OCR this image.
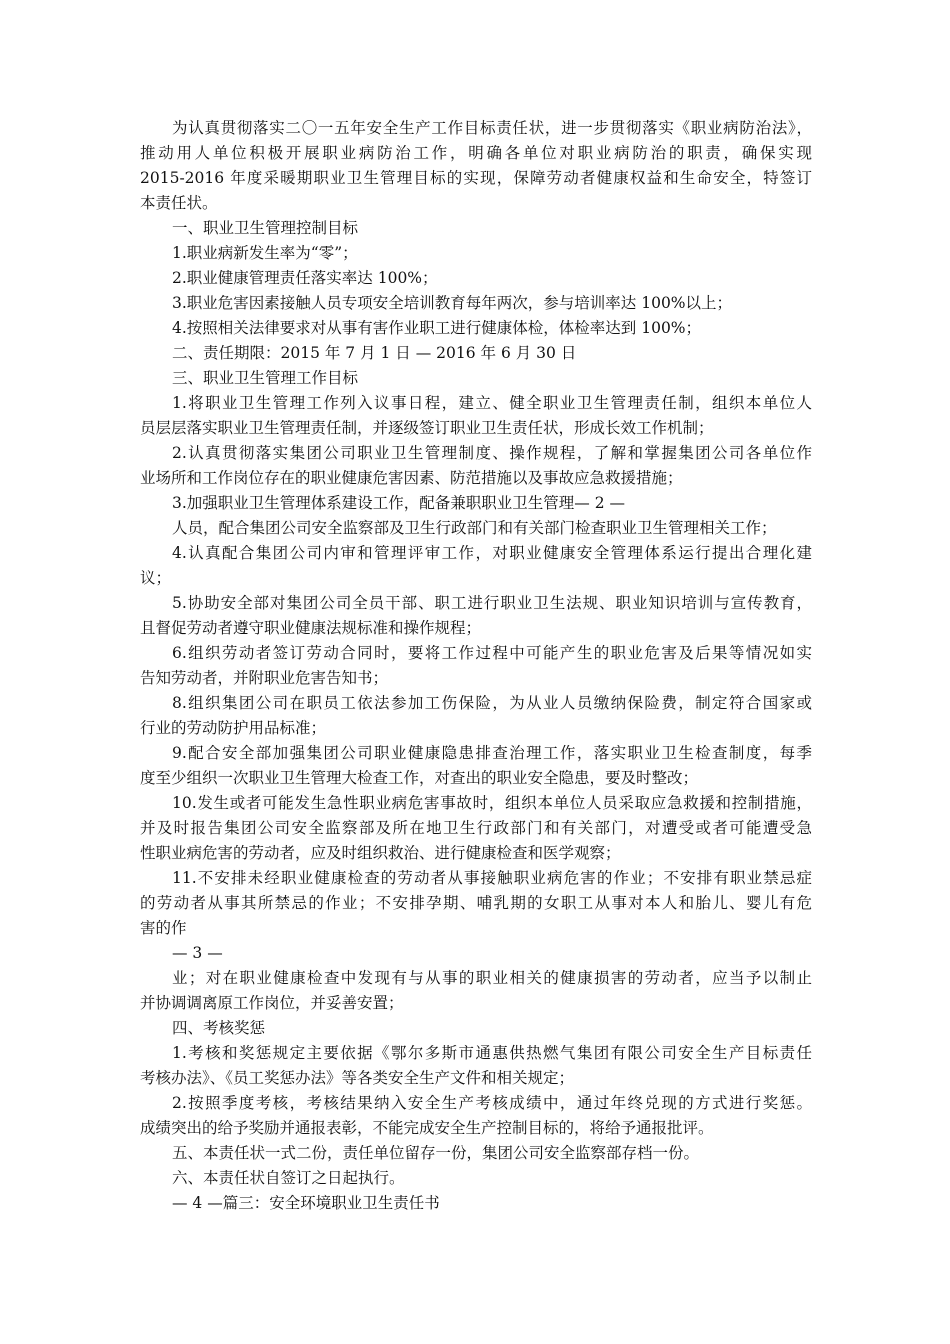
为认真贯彻落实二〇一五年安全生产工作目标责任状，进一步贯彻落实《职业病防治法》，
推动用人单位积极开展职业病防治工作，明确各单位对职业病防治的职责，确保实现
2015-2016 年度采暖期职业卫生管理目标的实现，保障劳动者健康权益和生命安全，特签订
本责任状。
一、职业卫生管理控制目标
1.职业病新发生率为“零”；
2.职业健康管理责任落实率达 100%；
3.职业危害因素接触人员专项安全培训教育每年两次，参与培训率达 100%以上；
4.按照相关法律要求对从事有害作业职工进行健康体检，体检率达到 100%；
二、责任期限：2015 年 7 月 1 日 — 2016 年 6 月 30 日
三、职业卫生管理工作目标
1.将职业卫生管理工作列入议事日程，建立、健全职业卫生管理责任制，组织本单位人
员层层落实职业卫生管理责任制，并逐级签订职业卫生责任状，形成长效工作机制；
2.认真贯彻落实集团公司职业卫生管理制度、操作规程，了解和掌握集团公司各单位作
业场所和工作岗位存在的职业健康危害因素、防范措施以及事故应急救援措施；
3.加强职业卫生管理体系建设工作，配备兼职职业卫生管理— 2 —
人员，配合集团公司安全监察部及卫生行政部门和有关部门检查职业卫生管理相关工作；
4.认真配合集团公司内审和管理评审工作，对职业健康安全管理体系运行提出合理化建
议；
5.协助安全部对集团公司全员干部、职工进行职业卫生法规、职业知识培训与宣传教育，
且督促劳动者遵守职业健康法规标准和操作规程；
6.组织劳动者签订劳动合同时，要将工作过程中可能产生的职业危害及后果等情况如实
告知劳动者，并附职业危害告知书；
8.组织集团公司在职员工依法参加工伤保险，为从业人员缴纳保险费，制定符合国家或
行业的劳动防护用品标准；
9.配合安全部加强集团公司职业健康隐患排查治理工作，落实职业卫生检查制度，每季
度至少组织一次职业卫生管理大检查工作，对查出的职业安全隐患，要及时整改；
10.发生或者可能发生急性职业病危害事故时，组织本单位人员采取应急救援和控制措施，
并及时报告集团公司安全监察部及所在地卫生行政部门和有关部门，对遭受或者可能遭受急
性职业病危害的劳动者，应及时组织救治、进行健康检查和医学观察；
11.不安排未经职业健康检查的劳动者从事接触职业病危害的作业；不安排有职业禁忌症
的劳动者从事其所禁忌的作业；不安排孕期、哺乳期的女职工从事对本人和胎儿、婴儿有危
害的作
— 3 —
业；对在职业健康检查中发现有与从事的职业相关的健康损害的劳动者，应当予以制止
并协调调离原工作岗位，并妥善安置；
四、考核奖惩
1.考核和奖惩规定主要依据《鄂尔多斯市通惠供热燃气集团有限公司安全生产目标责任
考核办法》、《员工奖惩办法》等各类安全生产文件和相关规定；
2.按照季度考核，考核结果纳入安全生产考核成绩中，通过年终兑现的方式进行奖惩。
成绩突出的给予奖励并通报表彰，不能完成安全生产控制目标的，将给予通报批评。
五、本责任状一式二份，责任单位留存一份，集团公司安全监察部存档一份。
六、本责任状自签订之日起执行。
— 4 —篇三：安全环境职业卫生责任书
